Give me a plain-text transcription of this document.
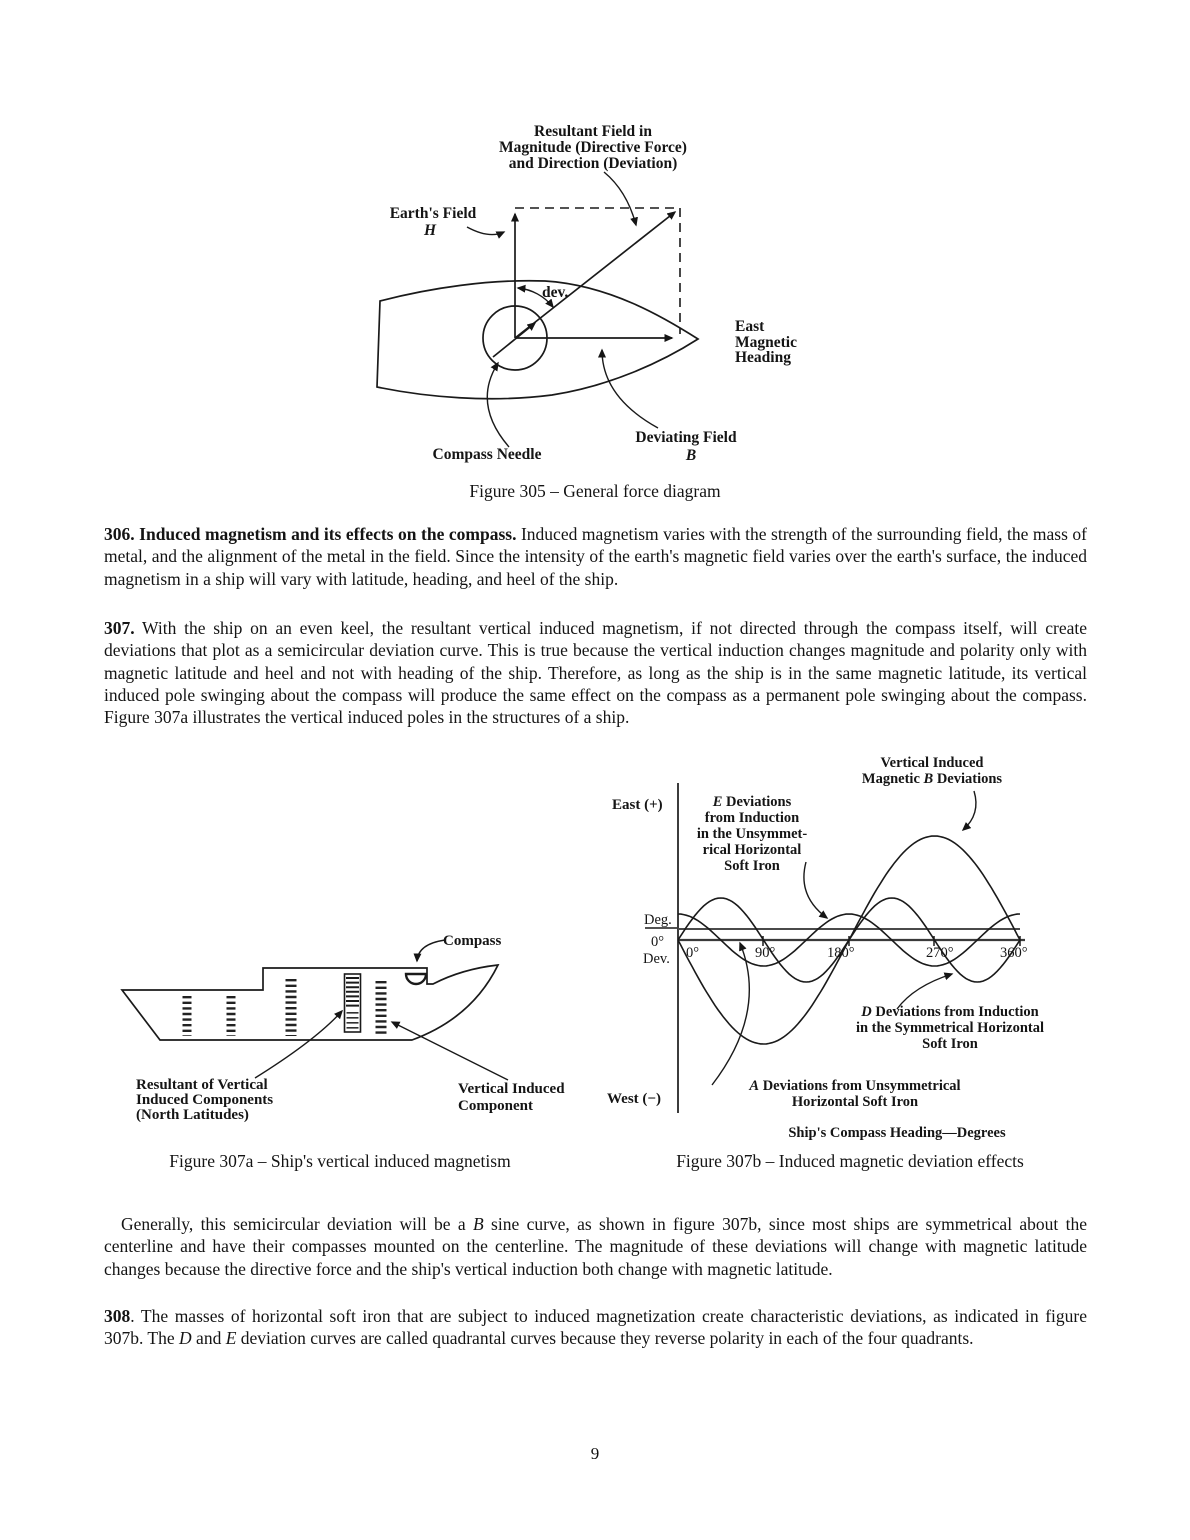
Resultant Field in
Magnitude (Directive Force)
and Direction (Deviation)
Earth's Field
H
dev.
East
Magnetic
Heading
Deviating Field
B
Compass Needle
Compass
Resultant of Vertical
Induced Components
(North Latitudes)
Vertical Induced
Component
East (+)
West (−)
Deg.
0°
Dev. 0°	90°	180°	270°	360°
Vertical Induced
Magnetic B Deviations
E Deviations
from Induction
in the Unsymmet-
rical Horizontal
Soft Iron
D Deviations from Induction
in the Symmetrical Horizontal
Soft Iron
A Deviations from Unsymmetrical
Horizontal Soft Iron
Ship's Compass Heading—Degrees
Figure 305 – General force diagram
306. Induced magnetism and its effects on the compass. Induced magnetism varies with the strength of the surrounding field, the mass of metal, and the alignment of the metal in the field. Since the intensity of the earth's magnetic field varies over the earth's surface, the induced magnetism in a ship will vary with latitude, heading, and heel of the ship.
307. With the ship on an even keel, the resultant vertical induced magnetism, if not directed through the compass itself, will create deviations that plot as a semicircular deviation curve. This is true because the vertical induction changes magnitude and polarity only with magnetic latitude and heel and not with heading of the ship. Therefore, as long as the ship is in the same magnetic latitude, its vertical induced pole swinging about the compass will produce the same effect on the compass as a permanent pole swinging about the compass. Figure 307a illustrates the vertical induced poles in the structures of a ship.
Figure 307a – Ship's vertical induced magnetism	Figure 307b – Induced magnetic deviation effects
Generally, this semicircular deviation will be a B sine curve, as shown in figure 307b, since most ships are symmetrical about the centerline and have their compasses mounted on the centerline. The magnitude of these deviations will change with magnetic latitude changes because the directive force and the ship's vertical induction both change with magnetic latitude.
308. The masses of horizontal soft iron that are subject to induced magnetization create characteristic deviations, as indicated in figure 307b. The D and E deviation curves are called quadrantal curves because they reverse polarity in each of the four quadrants.
9
